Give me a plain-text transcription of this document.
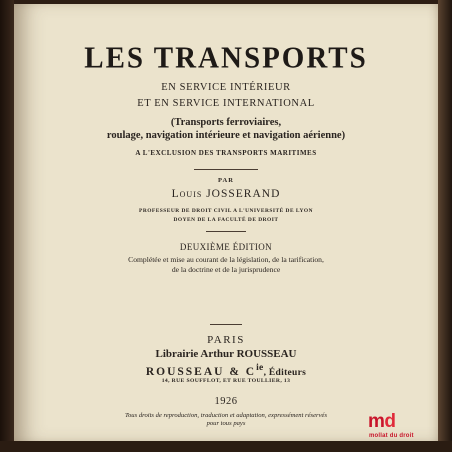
LES TRANSPORTS
EN SERVICE INTÉRIEUR
ET EN SERVICE INTERNATIONAL
(Transports ferroviaires,
roulage, navigation intérieure et navigation aérienne)
A L'EXCLUSION DES TRANSPORTS MARITIMES
PAR
Louis JOSSERAND
PROFESSEUR DE DROIT CIVIL A L'UNIVERSITÉ DE LYON
DOYEN DE LA FACULTÉ DE DROIT
DEUXIÈME ÉDITION
Complétée et mise au courant de la législation, de la tarification,
de la doctrine et de la jurisprudence
PARIS
Librairie Arthur ROUSSEAU
ROUSSEAU & $C^{ie}$, Éditeurs
14, RUE SOUFFLOT, ET RUE TOULLIER, 13
1926
Tous droits de reproduction, traduction et adaptation, expressément réservés
pour tous pays	md
mollat du droit
